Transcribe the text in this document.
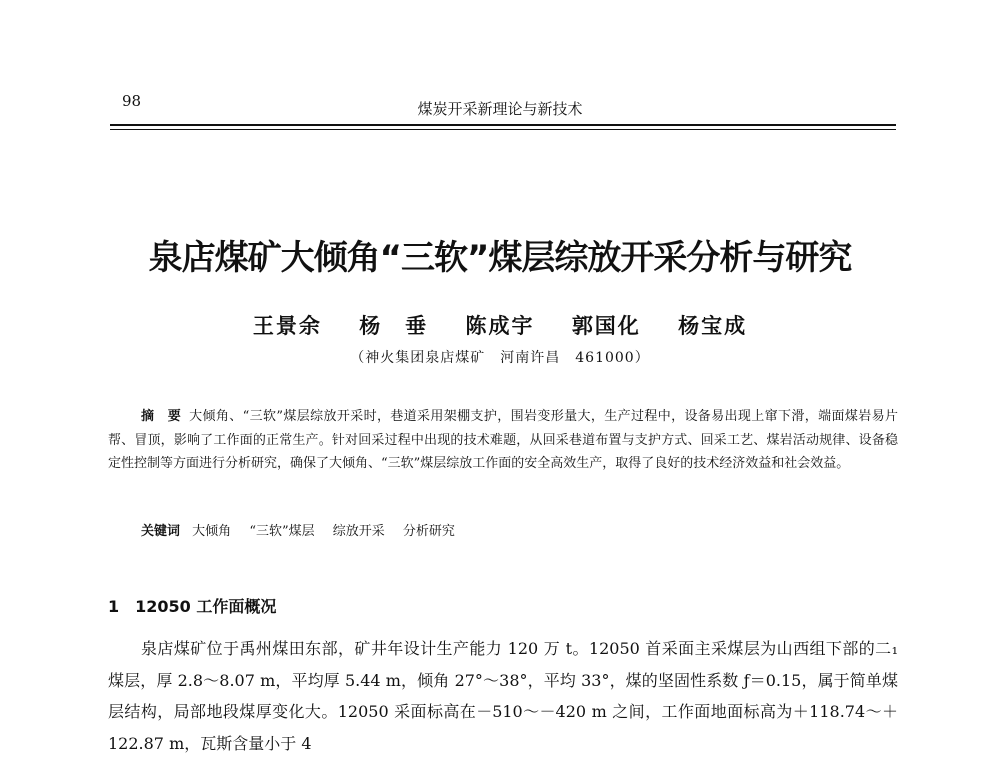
98	煤炭开采新理论与新技术
泉店煤矿大倾角“三软”煤层综放开采分析与研究
王景余 杨　垂 陈成宇 郭国化 杨宝成
（神火集团泉店煤矿　河南许昌　461000）

摘　要 大倾角、“三软”煤层综放开采时，巷道采用架棚支护，围岩变形量大，生产过程中，设备易出现上窜下滑，端面煤岩易片帮、冒顶，影响了工作面的正常生产。针对回采过程中出现的技术难题，从回采巷道布置与支护方式、回采工艺、煤岩活动规律、设备稳定性控制等方面进行分析研究，确保了大倾角、“三软”煤层综放工作面的安全高效生产，取得了良好的技术经济效益和社会效益。

关键词 大倾角 “三软”煤层 综放开采 分析研究
1　12050 工作面概况

泉店煤矿位于禹州煤田东部，矿井年设计生产能力 120 万 t。12050 首采面主采煤层为山西组下部的二₁ 煤层，厚 2.8～8.07 m，平均厚 5.44 m，倾角 27°～38°，平均 33°，煤的坚固性系数 ƒ＝0.15，属于简单煤层结构，局部地段煤厚变化大。12050 采面标高在－510～－420 m 之间，工作面地面标高为＋118.74～＋122.87 m，瓦斯含量小于 4
